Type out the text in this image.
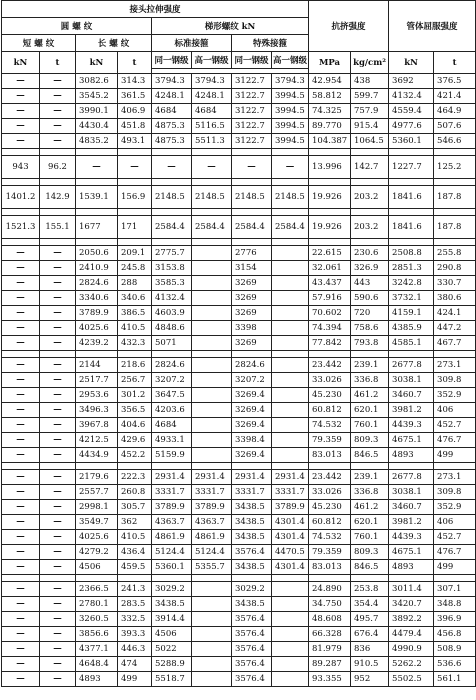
接头拉伸强度								抗挤强度		管体屈服强度	
圆 螺 纹				梯形螺纹 kN							
短 螺 纹		长 螺 纹		标准接箍		特殊接箍					
kN	t	kN	t	同一钢级	高一钢级	同一钢级	高一钢级	MPa	kg/cm²	kN	t

—	—	3082.6	314.3	3794.3	3794.3	3122.7	3794.3	42.954	438	3692	376.5
—	—	3545.2	361.5	4248.1	4248.1	3122.7	3994.5	58.812	599.7	4132.4	421.4
—	—	3990.1	406.9	4684	4684	3122.7	3994.5	74.325	757.9	4559.4	464.9
—	—	4430.4	451.8	4875.3	5116.5	3122.7	3994.5	89.770	915.4	4977.6	507.6
—	—	4835.2	493.1	4875.3	5511.3	3122.7	3994.5	104.387	1064.5	5360.1	546.6

943	96.2	—	—	—	—	—	—	13.996	142.7	1227.7	125.2

1401.2	142.9	1539.1	156.9	2148.5	2148.5	2148.5	2148.5	19.926	203.2	1841.6	187.8

1521.3	155.1	1677	171	2584.4	2584.4	2584.4	2584.4	19.926	203.2	1841.6	187.8

—	—	2050.6	209.1	2775.7		2776		22.615	230.6	2508.8	255.8
—	—	2410.9	245.8	3153.8		3154		32.061	326.9	2851.3	290.8
—	—	2824.6	288	3585.3		3269		43.437	443	3242.8	330.7
—	—	3340.6	340.6	4132.4		3269		57.916	590.6	3732.1	380.6
—	—	3789.9	386.5	4603.9		3269		70.602	720	4159.1	424.1
—	—	4025.6	410.5	4848.6		3398		74.394	758.6	4385.9	447.2
—	—	4239.2	432.3	5071		3269		77.842	793.8	4585.1	467.7

—	—	2144	218.6	2824.6		2824.6		23.442	239.1	2677.8	273.1
—	—	2517.7	256.7	3207.2		3207.2		33.026	336.8	3038.1	309.8
—	—	2953.6	301.2	3647.5		3269.4		45.230	461.2	3460.7	352.9
—	—	3496.3	356.5	4203.6		3269.4		60.812	620.1	3981.2	406
—	—	3967.8	404.6	4684		3269.4		74.532	760.1	4439.3	452.7
—	—	4212.5	429.6	4933.1		3398.4		79.359	809.3	4675.1	476.7
—	—	4434.9	452.2	5159.9		3269.4		83.013	846.5	4893	499

—	—	2179.6	222.3	2931.4	2931.4	2931.4	2931.4	23.442	239.1	2677.8	273.1
—	—	2557.7	260.8	3331.7	3331.7	3331.7	3331.7	33.026	336.8	3038.1	309.8
—	—	2998.1	305.7	3789.9	3789.9	3438.5	3789.9	45.230	461.2	3460.7	352.9
—	—	3549.7	362	4363.7	4363.7	3438.5	4301.4	60.812	620.1	3981.2	406
—	—	4025.6	410.5	4861.9	4861.9	3438.5	4301.4	74.532	760.1	4439.3	452.7
—	—	4279.2	436.4	5124.4	5124.4	3576.4	4470.5	79.359	809.3	4675.1	476.7
—	—	4506	459.5	5360.1	5355.7	3438.5	4301.4	83.013	846.5	4893	499

—	—	2366.5	241.3	3029.2		3029.2		24.890	253.8	3011.4	307.1
—	—	2780.1	283.5	3438.5		3438.5		34.750	354.4	3420.7	348.8
—	—	3260.5	332.5	3914.4		3576.4		48.608	495.7	3892.2	396.9
—	—	3856.6	393.3	4506		3576.4		66.328	676.4	4479.4	456.8
—	—	4377.1	446.3	5022		3576.4		81.979	836	4990.9	508.9
—	—	4648.4	474	5288.9		3576.4		89.287	910.5	5262.2	536.6
—	—	4893	499	5518.7		3576.4		93.355	952	5502.5	561.1
